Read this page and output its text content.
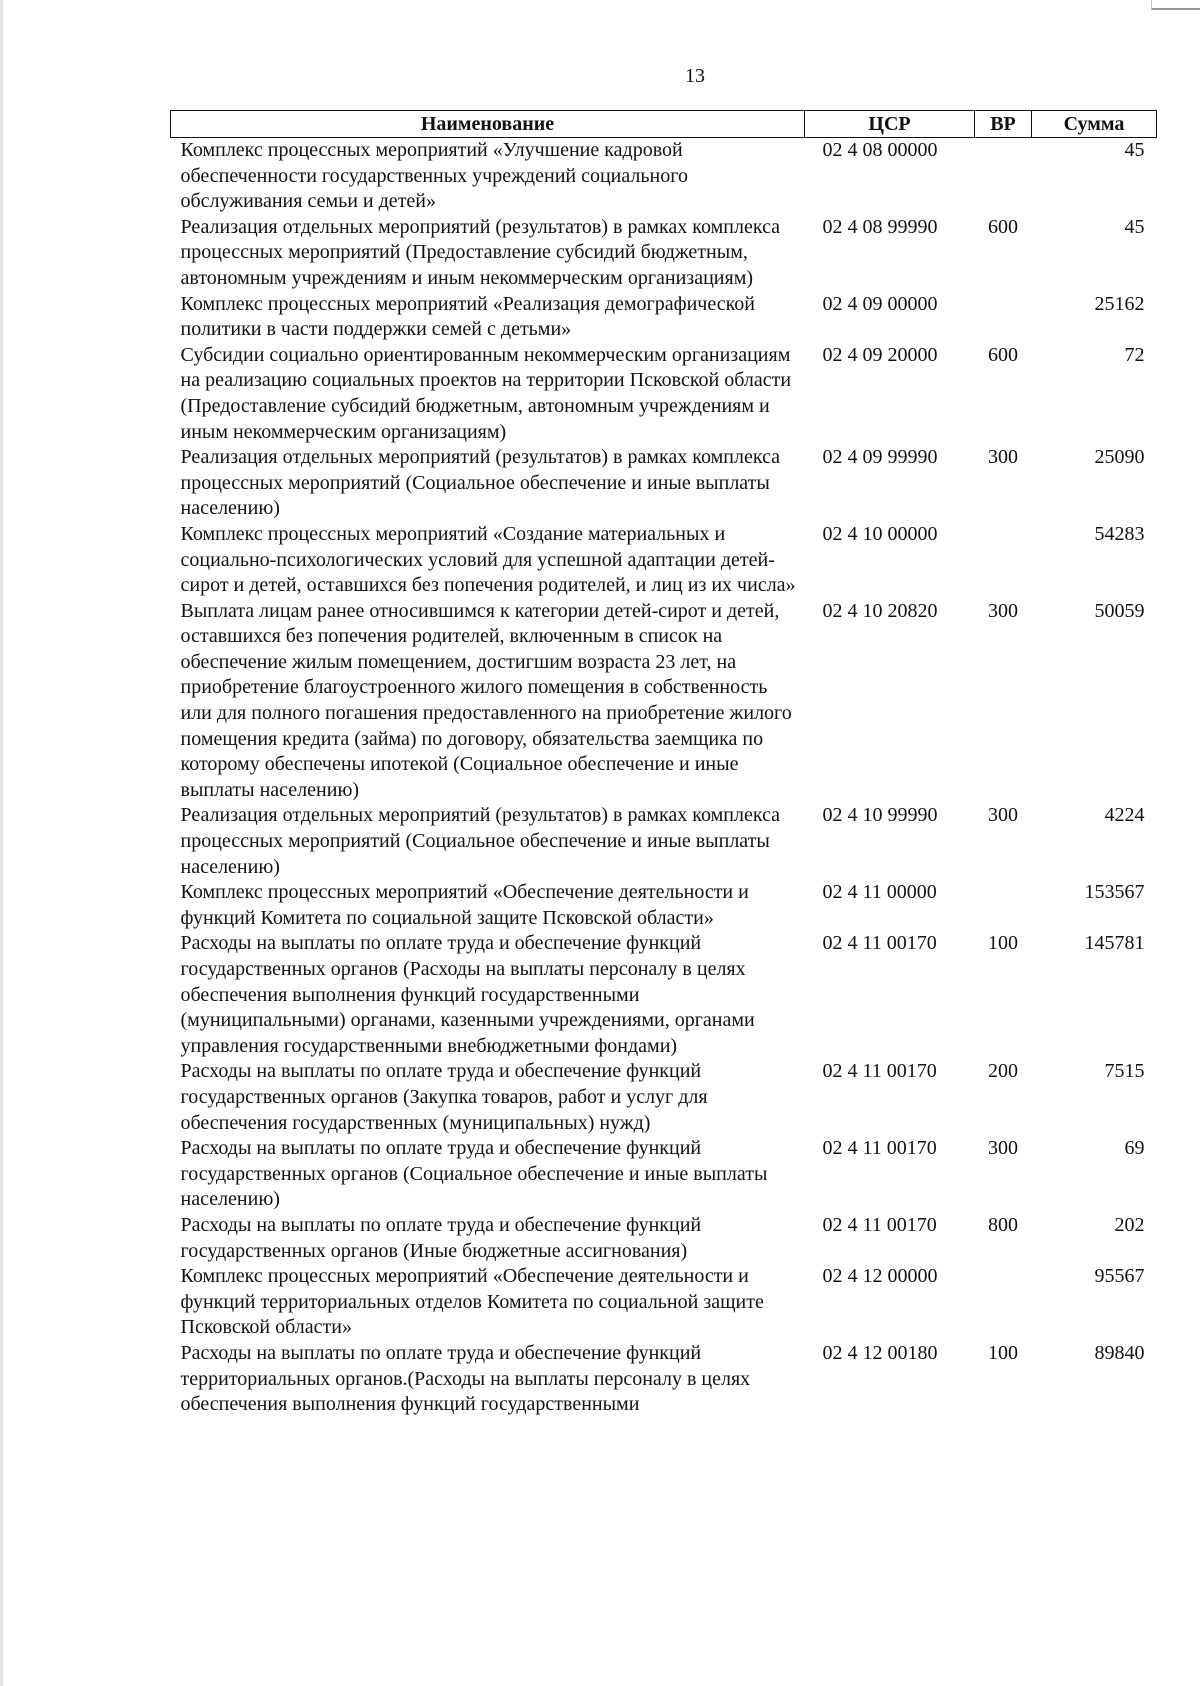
13
Наименование	ЦСР	ВР	Сумма
Комплекс процессных мероприятий «Улучшение кадровой обеспеченности государственных учреждений социального обслуживания семьи и детей»	02 4 08 00000		45
Реализация отдельных мероприятий (результатов) в рамках комплекса процессных мероприятий (Предоставление субсидий бюджетным, автономным учреждениям и иным некоммерческим организациям)	02 4 08 99990	600	45
Комплекс процессных мероприятий «Реализация демографической политики в части поддержки семей с детьми»	02 4 09 00000		25162
Субсидии социально ориентированным некоммерческим организациям на реализацию социальных проектов на территории Псковской области (Предоставление субсидий бюджетным, автономным учреждениям и иным некоммерческим организациям)	02 4 09 20000	600	72
Реализация отдельных мероприятий (результатов) в рамках комплекса процессных мероприятий (Социальное обеспечение и иные выплаты населению)	02 4 09 99990	300	25090
Комплекс процессных мероприятий «Создание материальных и социально-психологических условий для успешной адаптации детей-сирот и детей, оставшихся без попечения родителей, и лиц из их числа»	02 4 10 00000		54283
Выплата лицам ранее относившимся к категории детей-сирот и детей, оставшихся без попечения родителей, включенным в список на обеспечение жилым помещением, достигшим возраста 23 лет, на приобретение благоустроенного жилого помещения в собственность или для полного погашения предоставленного на приобретение жилого помещения кредита (займа) по договору, обязательства заемщика по которому обеспечены ипотекой (Социальное обеспечение и иные выплаты населению)	02 4 10 20820	300	50059
Реализация отдельных мероприятий (результатов) в рамках комплекса процессных мероприятий (Социальное обеспечение и иные выплаты населению)	02 4 10 99990	300	4224
Комплекс процессных мероприятий «Обеспечение деятельности и функций Комитета по социальной защите Псковской области»	02 4 11 00000		153567
Расходы на выплаты по оплате труда и обеспечение функций государственных органов (Расходы на выплаты персоналу в целях обеспечения выполнения функций государственными (муниципальными) органами, казенными учреждениями, органами управления государственными внебюджетными фондами)	02 4 11 00170	100	145781
Расходы на выплаты по оплате труда и обеспечение функций государственных органов (Закупка товаров, работ и услуг для обеспечения государственных (муниципальных) нужд)	02 4 11 00170	200	7515
Расходы на выплаты по оплате труда и обеспечение функций государственных органов (Социальное обеспечение и иные выплаты населению)	02 4 11 00170	300	69
Расходы на выплаты по оплате труда и обеспечение функций государственных органов (Иные бюджетные ассигнования)	02 4 11 00170	800	202
Комплекс процессных мероприятий «Обеспечение деятельности и функций территориальных отделов Комитета по социальной защите Псковской области»	02 4 12 00000		95567
Расходы на выплаты по оплате труда и обеспечение функций территориальных органов.(Расходы на выплаты персоналу в целях обеспечения выполнения функций государственными	02 4 12 00180	100	89840
